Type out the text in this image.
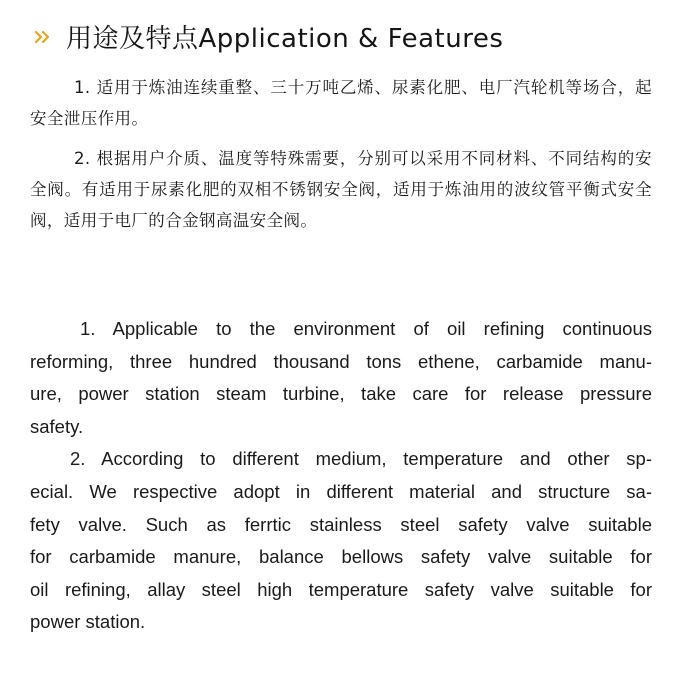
用途及特点Application & Features

1. 适用于炼油连续重整、三十万吨乙烯、尿素化肥、电厂汽轮机等场合，起安全泄压作用。

2. 根据用户介质、温度等特殊需要，分别可以采用不同材料、不同结构的安全阀。有适用于尿素化肥的双相不锈钢安全阀，适用于炼油用的波纹管平衡式安全阀，适用于电厂的合金钢高温安全阀。

1. Applicable to the environment of oil refining continuous
reforming, three hundred thousand tons ethene, carbamide manu-
ure, power station steam turbine, take care for release pressure
safety.
2. According to different medium, temperature and other sp-
ecial. We respective adopt in different material and structure sa-
fety valve. Such as ferrtic stainless steel safety valve suitable
for carbamide manure, balance bellows safety valve suitable for
oil refining, allay steel high temperature safety valve suitable for
power station.
